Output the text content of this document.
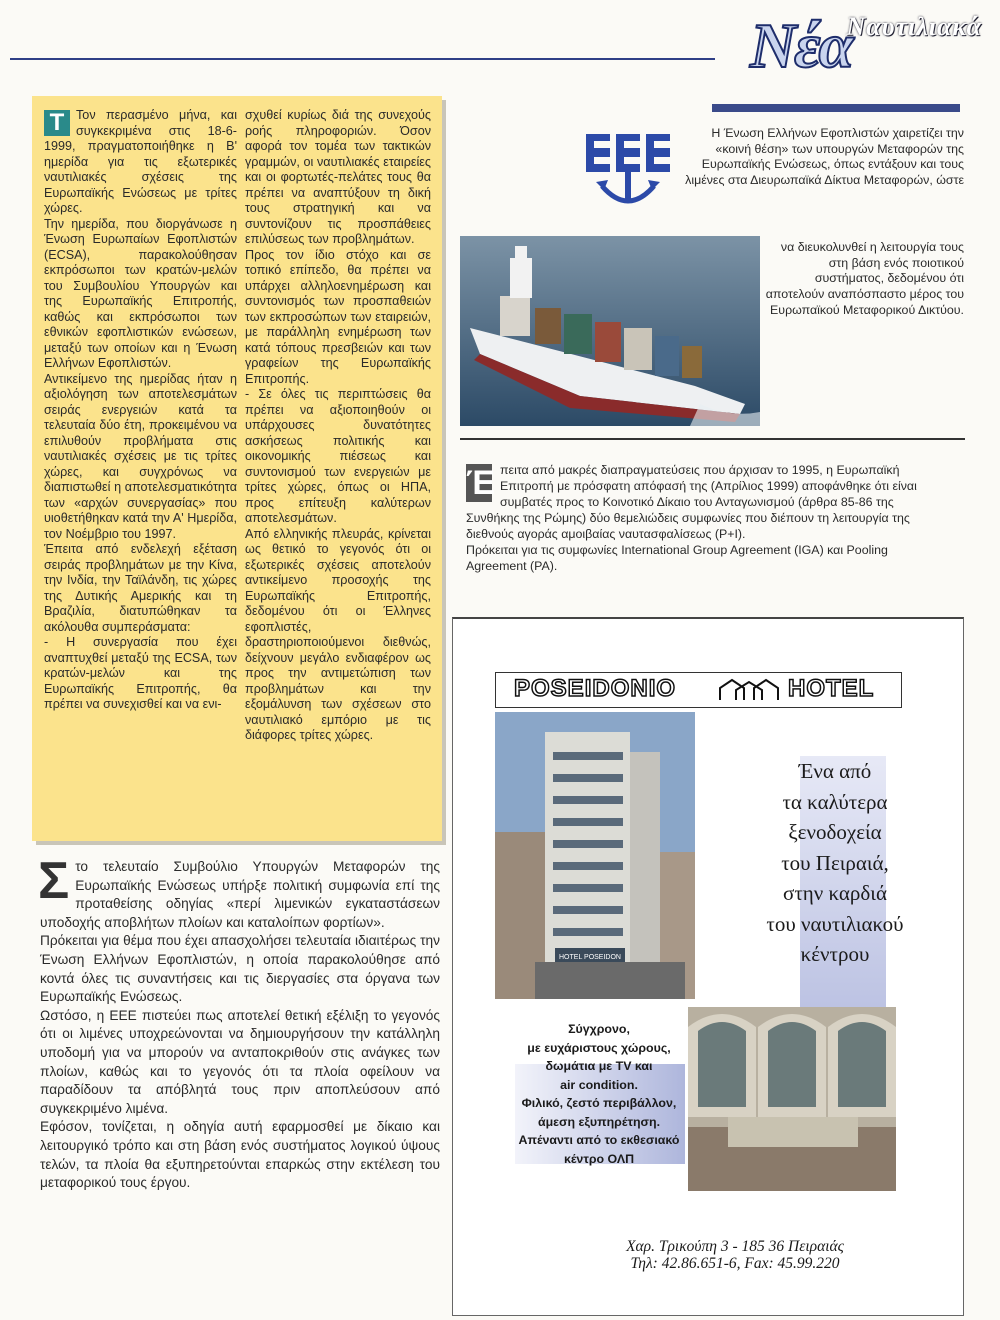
Νέα
Ναυτιλιακά

T Τον περασμένο μήνα, και συγκεκριμένα στις 18-6-1999, πραγματοποιήθηκε η Β' ημερίδα για τις εξωτερικές ναυτιλιακές σχέσεις της Ευρωπαϊκής Ενώσεως με τρίτες χώρες.

Την ημερίδα, που διοργάνωσε η Ένωση Ευρωπαίων Εφοπλιστών (ECSA), παρακολούθησαν εκπρόσωποι των κρατών-μελών του Συμβουλίου Υπουργών και της Ευρωπαϊκής Επιτροπής, καθώς και εκπρόσωποι των εθνικών εφοπλιστικών ενώσεων, μεταξύ των οποίων και η Ένωση Ελλήνων Εφοπλιστών.

Αντικείμενο της ημερίδας ήταν η αξιολόγηση των αποτελεσμάτων σειράς ενεργειών κατά τα τελευταία δύο έτη, προκειμένου να επιλυθούν προβλήματα στις ναυτιλιακές σχέσεις με τις τρίτες χώρες, και συγχρόνως να διαπιστωθεί η αποτελεσματικότητα των «αρχών συνεργασίας» που υιοθετήθηκαν κατά την Α' Ημερίδα, τον Νοέμβριο του 1997.

Έπειτα από ενδελεχή εξέταση σειράς προβλημάτων με την Κίνα, την Ινδία, την Ταϊλάνδη, τις χώρες της Δυτικής Αμερικής και τη Βραζιλία, διατυπώθηκαν τα ακόλουθα συμπεράσματα:

- Η συνεργασία που έχει αναπτυχθεί μεταξύ της ECSA, των κρατών-μελών και της Ευρωπαϊκής Επιτροπής, θα πρέπει να συνεχισθεί και να ενι-

σχυθεί κυρίως διά της συνεχούς ροής πληροφοριών. Όσον αφορά τον τομέα των τακτικών γραμμών, οι ναυτιλιακές εταιρείες και οι φορτωτές-πελάτες τους θα πρέπει να αναπτύξουν τη δική τους στρατηγική και να συντονίζουν τις προσπάθειες επιλύσεως των προβλημάτων.

Προς τον ίδιο στόχο και σε τοπικό επίπεδο, θα πρέπει να υπάρχει αλληλοενημέρωση και συντονισμός των προσπαθειών των εκπροσώπων των εταιρειών, με παράλληλη ενημέρωση των κατά τόπους πρεσβειών και των γραφείων της Ευρωπαϊκής Επιτροπής.

- Σε όλες τις περιπτώσεις θα πρέπει να αξιοποιηθούν οι υπάρχουσες δυνατότητες ασκήσεως πολιτικής και οικονομικής πιέσεως και συντονισμού των ενεργειών με τρίτες χώρες, όπως οι ΗΠΑ, προς επίτευξη καλύτερων αποτελεσμάτων.

Από ελληνικής πλευράς, κρίνεται ως θετικό το γεγονός ότι οι εξωτερικές σχέσεις αποτελούν αντικείμενο προσοχής της Ευρωπαϊκής Επιτροπής, δεδομένου ότι οι Έλληνες εφοπλιστές, δραστηριοποιούμενοι διεθνώς, δείχνουν μεγάλο ενδιαφέρον ως προς την αντιμετώπιση των προβλημάτων και την εξομάλυνση των σχέσεων στο ναυτιλιακό εμπόριο με τις διάφορες τρίτες χώρες.

Η Ένωση Ελλήνων Εφοπλιστών χαιρετίζει την «κοινή θέση» των υπουργών Μεταφορών της Ευρωπαϊκής Ενώσεως, όπως εντάξουν και τους λιμένες στα Διευρωπαϊκά Δίκτυα Μεταφορών, ώστε
να διευκολυνθεί η λειτουργία τους στη βάση ενός ποιοτικού συστήματος, δεδομένου ότι αποτελούν αναπόσπαστο μέρος του Ευρωπαϊκού Μεταφορικού Δικτύου.

Έ πειτα από μακρές διαπραγματεύσεις που άρχισαν το 1995, η Ευρωπαϊκή Επιτροπή με πρόσφατη απόφασή της (Απρίλιος 1999) αποφάνθηκε ότι είναι συμβατές προς το Κοινοτικό Δίκαιο του Ανταγωνισμού (άρθρα 85-86 της Συνθήκης της Ρώμης) δύο θεμελιώδεις συμφωνίες που διέπουν τη λειτουργία της διεθνούς αγοράς αμοιβαίας ναυτασφαλίσεως (P+I).

Πρόκειται για τις συμφωνίες International Group Agreement (IGA) και Pooling Agreement (PA).

POSEIDONIO	HOTEL
HOTEL POSEIDON
Ένα από
τα καλύτερα
ξενοδοχεία
του Πειραιά,
στην καρδιά
του ναυτιλιακού
κέντρου
Σύγχρονο,
με ευχάριστους χώρους,
δωμάτια με TV και
air condition.
Φιλικό, ζεστό περιβάλλον,
άμεση εξυπηρέτηση.
Απέναντι από το εκθεσιακό
κέντρο ΟΛΠ
Χαρ. Τρικούπη 3 - 185 36 Πειραιάς
Τηλ: 42.86.651-6, Fax: 45.99.220

Στο τελευταίο Συμβούλιο Υπουργών Μεταφορών της Ευρωπαϊκής Ενώσεως υπήρξε πολιτική συμφωνία επί της προταθείσης οδηγίας «περί λιμενικών εγκαταστάσεων υποδοχής αποβλήτων πλοίων και καταλοίπων φορτίων».

Πρόκειται για θέμα που έχει απασχολήσει τελευταία ιδιαιτέρως την Ένωση Ελλήνων Εφοπλιστών, η οποία παρακολούθησε από κοντά όλες τις συναντήσεις και τις διεργασίες στα όργανα των Ευρωπαϊκής Ενώσεως.

Ωστόσο, η ΕΕΕ πιστεύει πως αποτελεί θετική εξέλιξη το γεγονός ότι οι λιμένες υποχρεώνονται να δημιουργήσουν την κατάλληλη υποδομή για να μπορούν να ανταποκριθούν στις ανάγκες των πλοίων, καθώς και το γεγονός ότι τα πλοία οφείλουν να παραδίδουν τα απόβλητά τους πριν αποπλεύσουν από συγκεκριμένο λιμένα.

Εφόσον, τονίζεται, η οδηγία αυτή εφαρμοσθεί με δίκαιο και λειτουργικό τρόπο και στη βάση ενός συστήματος λογικού ύψους τελών, τα πλοία θα εξυπηρετούνται επαρκώς στην εκτέλεση του μεταφορικού τους έργου.
